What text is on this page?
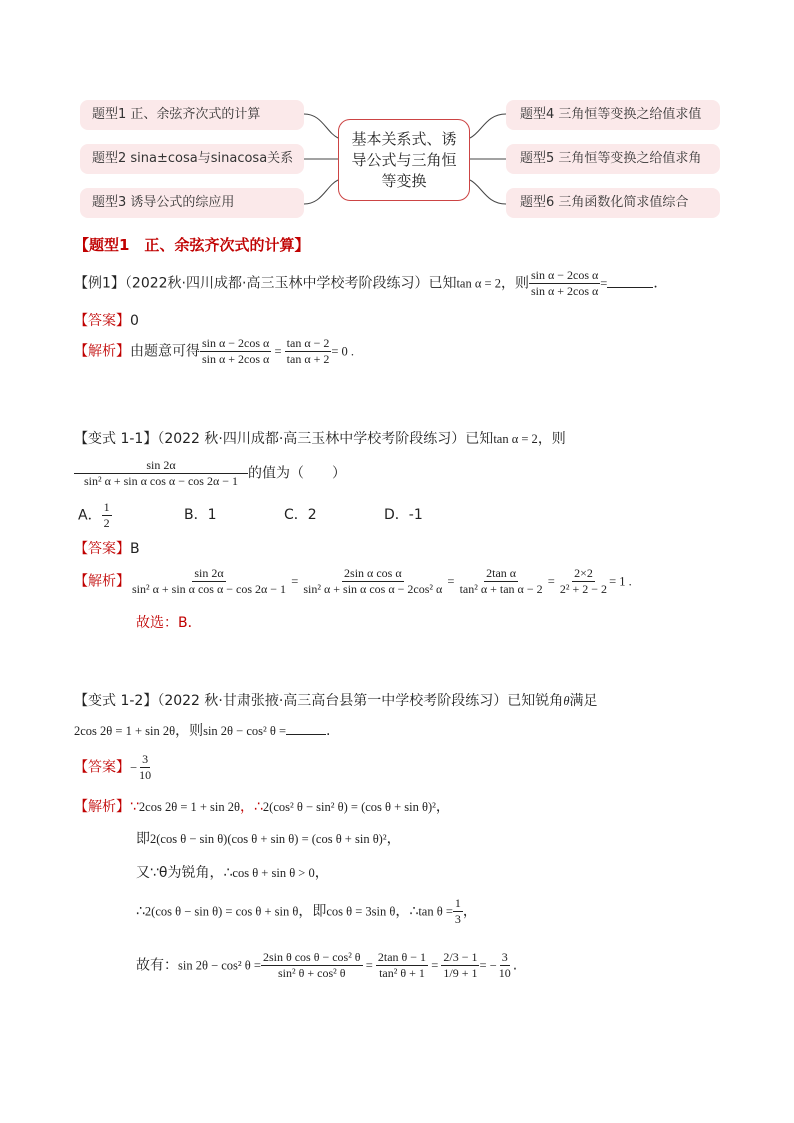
题型1 正、余弦齐次式的计算
题型2 sina±cosa与sinacosa关系
题型3 诱导公式的综应用
题型4 三角恒等变换之给值求值
题型5 三角恒等变换之给值求角
题型6 三角函数化简求值综合
基本关系式、诱导公式与三角恒等变换
【题型1　正、余弦齐次式的计算】
【例1】（2022秋·四川成都·高三玉林中学校考阶段练习）已知tan α = 2，则 $\frac{\text{sin α − 2cos α}}{\text{sin α + 2cos α}}$ =	．
【答案】0
【解析】由题意可得 $\frac{\text{sin α − 2cos α}}{\text{sin α + 2cos α}} = \frac{\text{tan α − 2}}{\text{tan α + 2}} = 0$ .
【变式 1-1】（2022 秋·四川成都·高三玉林中学校考阶段练习）已知tan α = 2，则
$\frac{\sin 2\alpha}{\text{sin² α + sin α cos α − cos 2α − 1}}$ 的值为（　　）
A． $\frac{1}{2}$	B．1	C．2	D．-1
【答案】B
【解析】 $\frac{\sin 2\alpha}{\text{sin² α + sin α cos α − cos 2α − 1}} = \frac{\text{2sin α cos α}}{\text{sin² α + sin α cos α − 2cos² α}} = \frac{\text{2tan α}}{\text{tan² α + tan α − 2}} = \frac{2\times 2}{\text{2² + 2 − 2}} = 1$ .
故选：B．
【变式 1-2】（2022 秋·甘肃张掖·高三高台县第一中学校考阶段练习）已知锐角θ满足
2cos 2θ = 1 + sin 2θ，则sin 2θ − cos² θ =	.
【答案】− $\frac{3}{10}$
【解析】∵2cos 2θ = 1 + sin 2θ，∴2(cos² θ − sin² θ) = (cos θ + sin θ)²，
即2(cos θ − sin θ)(cos θ + sin θ) = (cos θ + sin θ)²，
又∵θ为锐角，∴cos θ + sin θ > 0，
∴2(cos θ − sin θ) = cos θ + sin θ，即cos θ = 3sin θ，∴tan $\theta = \frac{1}{3}$ ，
故有：sin 2θ − cos² $\theta = \frac{\text{2sin θ cos θ − cos² θ}}{\text{sin² θ + cos² θ}} = \frac{\text{2tan θ − 1}}{\text{tan² θ + 1}} = \frac{2/3 - 1}{1/9 + 1}$ = − $\frac{3}{10}$ .
